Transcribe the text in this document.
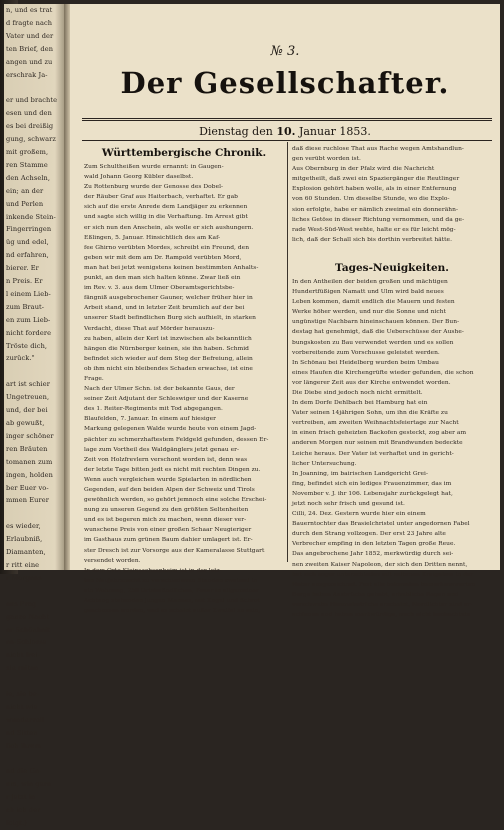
n, und es trat
d fragte nach
Vater und der
ten Brief, den
angen und zu
erschrak Ja-

er und brachte
esen und den
es bei dreißig
gung, schwarz
mit großem,
ren Stamme
den Achseln,
ein; an der
und Perlen
inkende Stein-
Fingerringen
üg und edel,
nd erfahren,
bierer. Er
n Preis. Er
l einem Lieb-
zum Braut-
en zum Lieb-
nicht fordere
Tröste dich,
zurück."

art ist schier
Ungetreuen,
und, der bei
ab gewußt,
inger schöner
ren Bräuten
tomanen zum
ingen, holden
ber Euer vo-
mmen Eurer

es wieder,
Erlaubniß,
Diamanten,
r ritt eine
r Morgens

aus Prag
ganze Nacht
er Schönheit
en-Schlosse
nicht frei-
sie reiten

ie, sie be-
nicht wie
wundervoll
nd Sitten
lich ihrem

nd die Ge-
um, wie gern
r jetzt in
ch ich der
folgt.)
№ 3.
Der Gesellschafter.
Dienstag den 10. Januar 1853.
Württembergische Chronik.
Zum Schultheißen wurde ernannt: in Gaugen-
wald Johann Georg Kübler daselbst.
Zu Rottenburg wurde der Genosse des Dobel-
der Räuber Graf aus Haiterbach, verhaftet. Er gab
sich auf die erste Anrede dem Landjäger zu erkennen
und sagte sich willig in die Verhaftung. Im Arrest gibt
er sich nun den Anschein, als wolle er sich aushungern.
Eßlingen, 5. Januar. Hinsichtlich des am Kaf-
fee Ghirno verübten Mordes, schreibt ein Freund, den
geben wir mit dem am Dr. Rampold verübten Mord,
man hat bei jetzt wenigstens keinen bestimmten Anhalts-
punkt, an den man sich halten könne. Zwar ließ ein
im Rev. v. 3. aus dem Ulmer Oberamtsgerichtsbe-
fängniß ausgebrochener Gauner, welcher früher hier in
Arbeit stand, und in letzter Zeit brumlich auf der bei
unserer Stadt befindlichen Burg sich aufhielt, in starken
Verdacht, diese That auf Mörder herauszu-
zu haben, allein der Kerl ist inzwischen als bekanntlich
hängen die Nürnberger keinen, sie ihn haben. Schmid
befindet sich wieder auf dem Steg der Befreiung, allein
ob ihm nicht ein bleibendes Schaden erwachse, ist eine
Frage.
Nach der Ulmer Schn. ist der bekannte Gaus, der
seiner Zeit Adjutant der Schleswiger und der Kaserne
des 1. Reiter-Regiments mit Tod abgegangen.
Blaufelden, 7. Januar. In einem auf hiesiger
Markung gelegenen Walde wurde heute von einem Jagd-
pächter zu schmerzhaftestem Feldgeld gefunden, dessen Er-
lage zum Vortheil des Waldgänglers jetzt genau er-
Zeit von Holzfrevlern verschont worden ist, denn was
der letzte Tage bitten jedt es nicht mit rechten Dingen zu.
Wenn auch vergleichen wurde Spielarten in nördlichen
Gegenden, auf den beiden Alpen der Schweiz und Tirols
gewöhnlich werden, so gehört jemnoch eine solche Erschei-
nung zu unseren Gegend zu den größten Seltenheiten
und es ist begeren mich zu machen, wenn dieser ver-
wunschene Preis von einer großen Schaar Neugieriger
im Gasthaus zum grünen Baum dahier umlagert ist. Er-
ster Dresch ist zur Vorsorge aus der Kameralasse Stuttgart
versendet worden.
In dem Orte Kleinsachsenheim ist in der letz-
ten Neujahrsnacht zu verschiedenen Stunden zweimal in
ein Wohnung, 250 Ortsbefindlichen, Feuer in allgemeiner
Achtung stehenden jungen Mannes, mit Kugel und Schrot
geschossen worden, und es scheint außer Zweifel zu sein,
daß diese ruchlose That aus Rache wegen Amtshandlun-
gen verübt worden ist.
Aus Obernburg in der Pfalz wird die Nachricht
mitgetheilt, daß zwei ein Spaziergänger die Reutlinger
Explosion gehört haben wolle, als in einer Entfernung
von 60 Stunden. Um dieselbe Stunde, wo die Explo-
sion erfolgte, habe er nämlich zweimal ein donnerähn-
liches Getöse in dieser Richtung vernommen, und da ge-
rade West-Süd-West wehte, halte er es für leicht mög-
lich, daß der Schall sich bis dorthin verbreitet hätte.
Tages-Neuigkeiten.
In den Antheilen der beiden großen und mächtigen
Hundertfüßigen Namatt und Ulm wird bald neues
Leben kommen, damit endlich die Mauern und festen
Werke höher werden, und nur die Sonne und nicht
ungünstige Nachbarn hineinschauen können. Der Bun-
destag hat genehmigt, daß die Ueberschüsse der Aushe-
bungskosten zu Bau verwendet werden und es sollen
vorbereitende zum Vorschusse geleistet werden.
In Schönau bei Heidelberg wurden beim Umbau
eines Haufen die Kirchengrüfte wieder gefunden, die schon
vor längerer Zeit aus der Kirche entwendet worden.
Die Diebe sind jedoch noch nicht ermittelt.
In dem Dorfe Dehlbach bei Hamburg hat ein
Vater seinen 14jährigen Sohn, um ihn die Kräfte zu
vertreiben, am zweiten Weihnachtsfeiertage zur Nacht
in einen frisch geheizten Backofen gesteckt, zog aber am
anderen Morgen nur seinen mit Brandwunden bedeckte
Leiche heraus. Der Vater ist verhaftet und in gericht-
licher Untersuchung.
In Joanning, im bairischen Landgericht Grei-
fing, befindet sich ein lediges Frauenzimmer, das im
November v. J. ihr 106. Lebensjahr zurückgelegt hat,
jetzt noch sehr frisch und gesund ist.
Cilli, 24. Dez. Gestern wurde hier ein einem
Bauerntochter das Brasielchristel unter angedornen Fabel
durch den Strang vollzogen. Der erst 23 Jahre alte
Verbrecher empfing in den letzten Tagen große Reue.
Das angebrochene Jahr 1852, merkwürdig durch sei-
nen zweiten Kaiser Napoleon, der sich den Dritten nennt,
hat sich sogar unterschieden mit seltenen Ereignisse in der
Natur ausgezeichnet. Fast alle bekannten bemerkenswerten
Berge haben Ausbrüche gehabt, erhebliche Regen und
verschwebe Himmelsstriche erscheint, Nordlichter sind er-
schienen und haben merkwürdige, noch nicht beobachtete
